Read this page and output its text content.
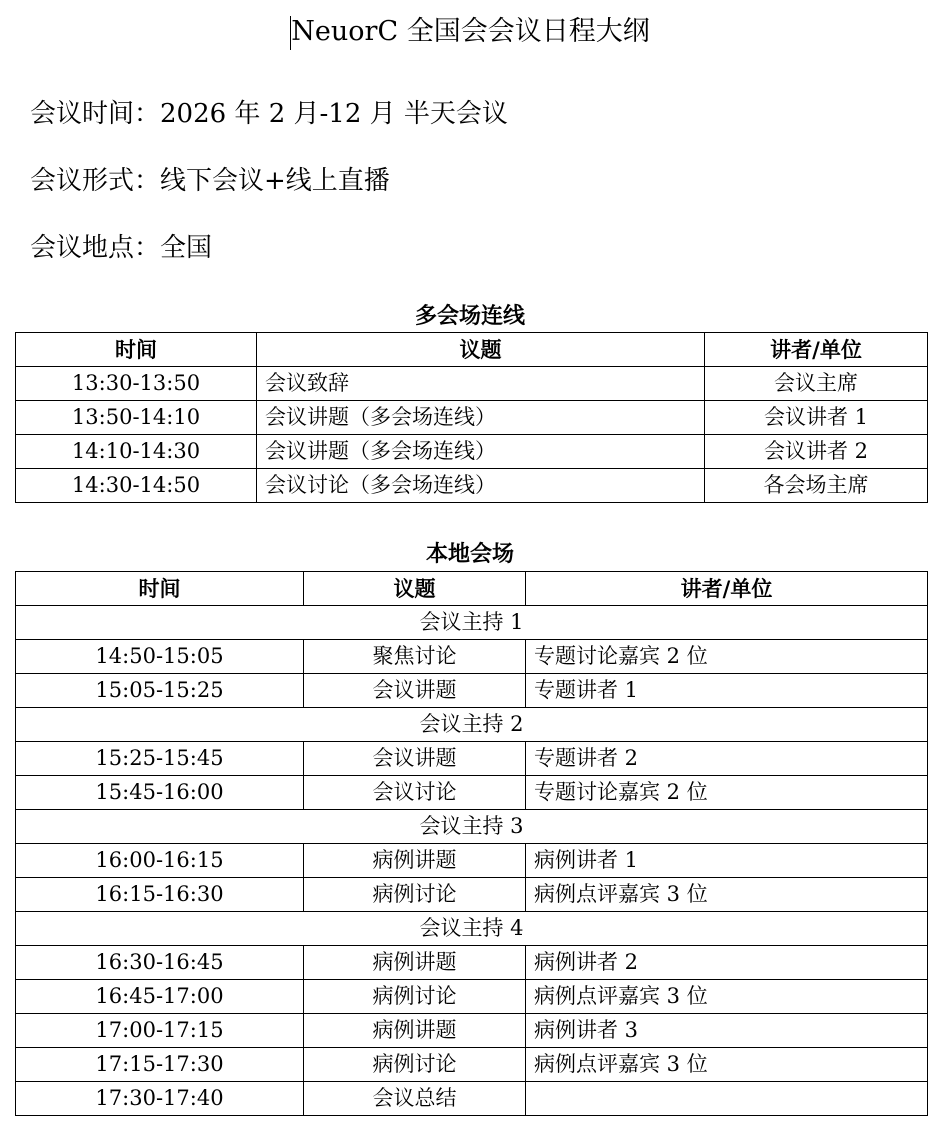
NeuorC 全国会会议日程大纲
会议时间：2026 年 2 月-12 月 半天会议
会议形式：线下会议+线上直播
会议地点：全国
多会场连线
时间	议题	讲者/单位
13:30-13:50	会议致辞	会议主席
13:50-14:10	会议讲题（多会场连线）	会议讲者 1
14:10-14:30	会议讲题（多会场连线）	会议讲者 2
14:30-14:50	会议讨论（多会场连线）	各会场主席
本地会场
时间	议题	讲者/单位
会议主持 1		
14:50-15:05	聚焦讨论	专题讨论嘉宾 2 位
15:05-15:25	会议讲题	专题讲者 1
会议主持 2		
15:25-15:45	会议讲题	专题讲者 2
15:45-16:00	会议讨论	专题讨论嘉宾 2 位
会议主持 3		
16:00-16:15	病例讲题	病例讲者 1
16:15-16:30	病例讨论	病例点评嘉宾 3 位
会议主持 4		
16:30-16:45	病例讲题	病例讲者 2
16:45-17:00	病例讨论	病例点评嘉宾 3 位
17:00-17:15	病例讲题	病例讲者 3
17:15-17:30	病例讨论	病例点评嘉宾 3 位
17:30-17:40	会议总结	
